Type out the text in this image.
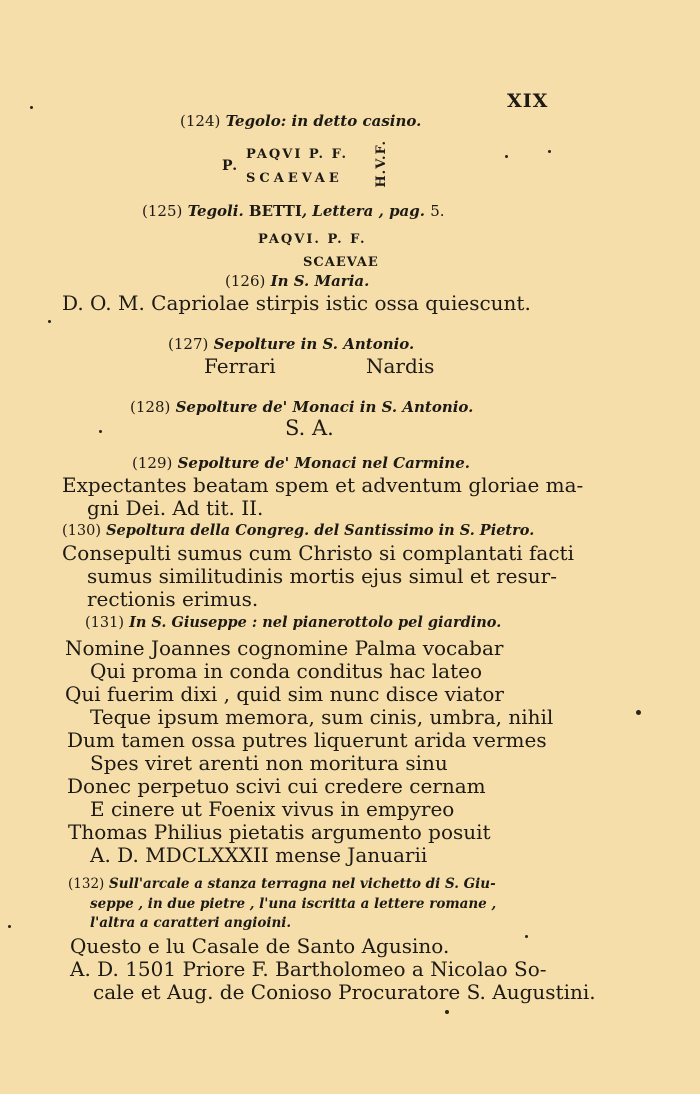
XIX
(124) Tegolo: in detto casino.
P.
PAQVI P. F.
SCAEVAE H.V.F.
(125) Tegoli. BETTI, Lettera , pag. 5.
PAQVI. P. F.
SCAEVAE
(126) In S. Maria.
D. O. M. Capriolae stirpis istic ossa quiescunt.
(127) Sepolture in S. Antonio.
Ferrari	Nardis
(128) Sepolture de' Monaci in S. Antonio.
S. A.
(129) Sepolture de' Monaci nel Carmine.
Expectantes beatam spem et adventum gloriae ma-
gni Dei. Ad tit. II.
(130) Sepoltura della Congreg. del Santissimo in S. Pietro.
Consepulti sumus cum Christo si complantati facti
sumus similitudinis mortis ejus simul et resur-
rectionis erimus.
(131) In S. Giuseppe : nel pianerottolo pel giardino.
Nomine Joannes cognomine Palma vocabar
Qui proma in conda conditus hac lateo
Qui fuerim dixi , quid sim nunc disce viator
Teque ipsum memora, sum cinis, umbra, nihil
Dum tamen ossa putres liquerunt arida vermes
Spes viret arenti non moritura sinu
Donec perpetuo scivi cui credere cernam
E cinere ut Foenix vivus in empyreo
Thomas Philius pietatis argumento posuit
A. D. MDCLXXXII mense Januarii
(132) Sull'arcale a stanza terragna nel vichetto di S. Giu-
seppe , in due pietre , l'una iscritta a lettere romane ,
l'altra a caratteri angioini.
Questo e lu Casale de Santo Agusino.
A. D. 1501 Priore F. Bartholomeo a Nicolao So-
cale et Aug. de Conioso Procuratore S. Augustini.
